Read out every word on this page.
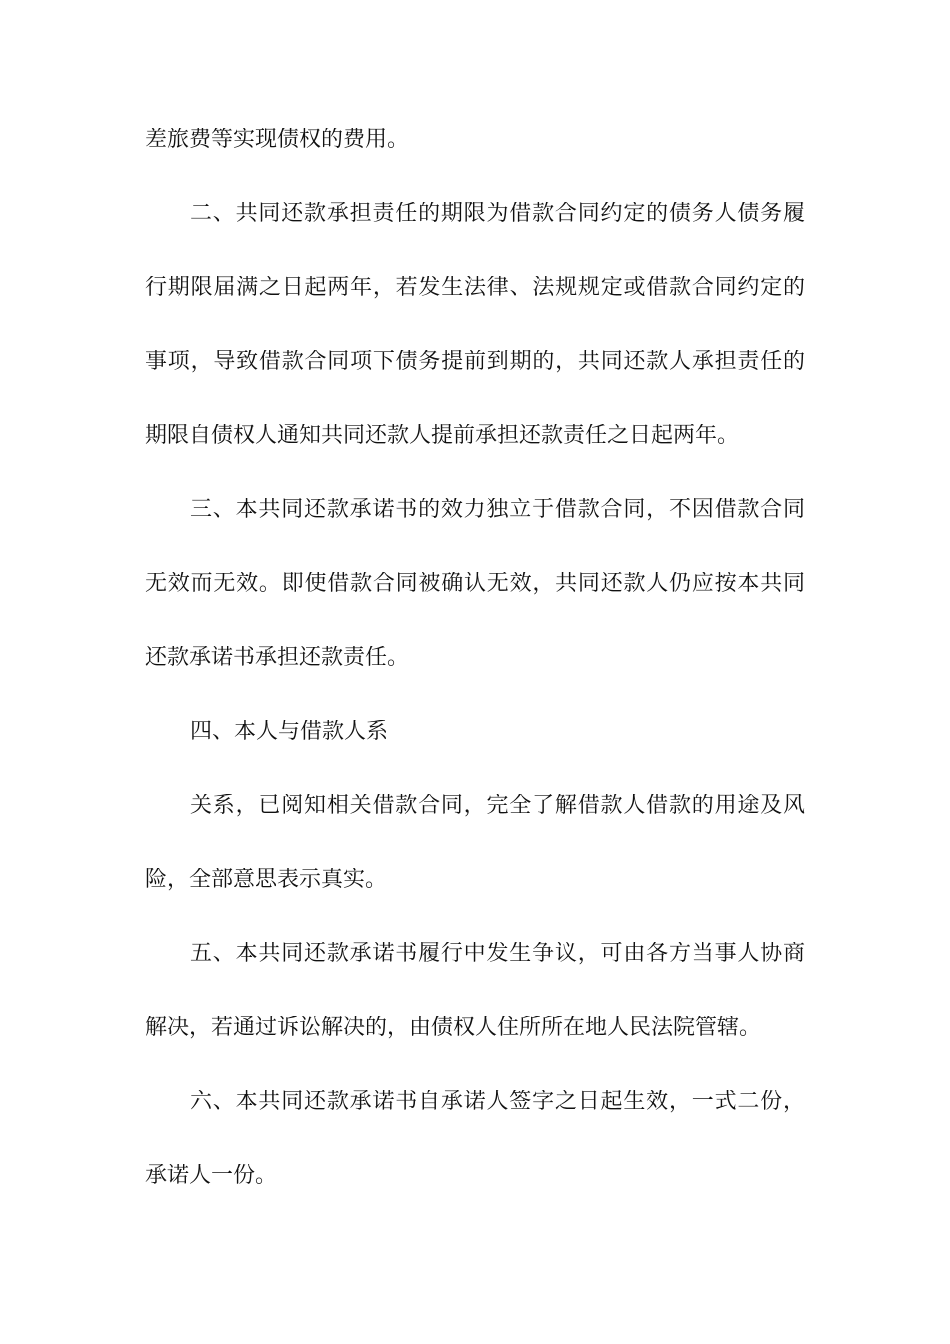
差旅费等实现债权的费用。
二、共同还款承担责任的期限为借款合同约定的债务人债务履
行期限届满之日起两年，若发生法律、法规规定或借款合同约定的
事项，导致借款合同项下债务提前到期的，共同还款人承担责任的
期限自债权人通知共同还款人提前承担还款责任之日起两年。
三、本共同还款承诺书的效力独立于借款合同，不因借款合同
无效而无效。即使借款合同被确认无效，共同还款人仍应按本共同
还款承诺书承担还款责任。
四、本人与借款人系
关系，已阅知相关借款合同，完全了解借款人借款的用途及风
险，全部意思表示真实。
五、本共同还款承诺书履行中发生争议，可由各方当事人协商
解决，若通过诉讼解决的，由债权人住所所在地人民法院管辖。
六、本共同还款承诺书自承诺人签字之日起生效，一式二份，
承诺人一份。
